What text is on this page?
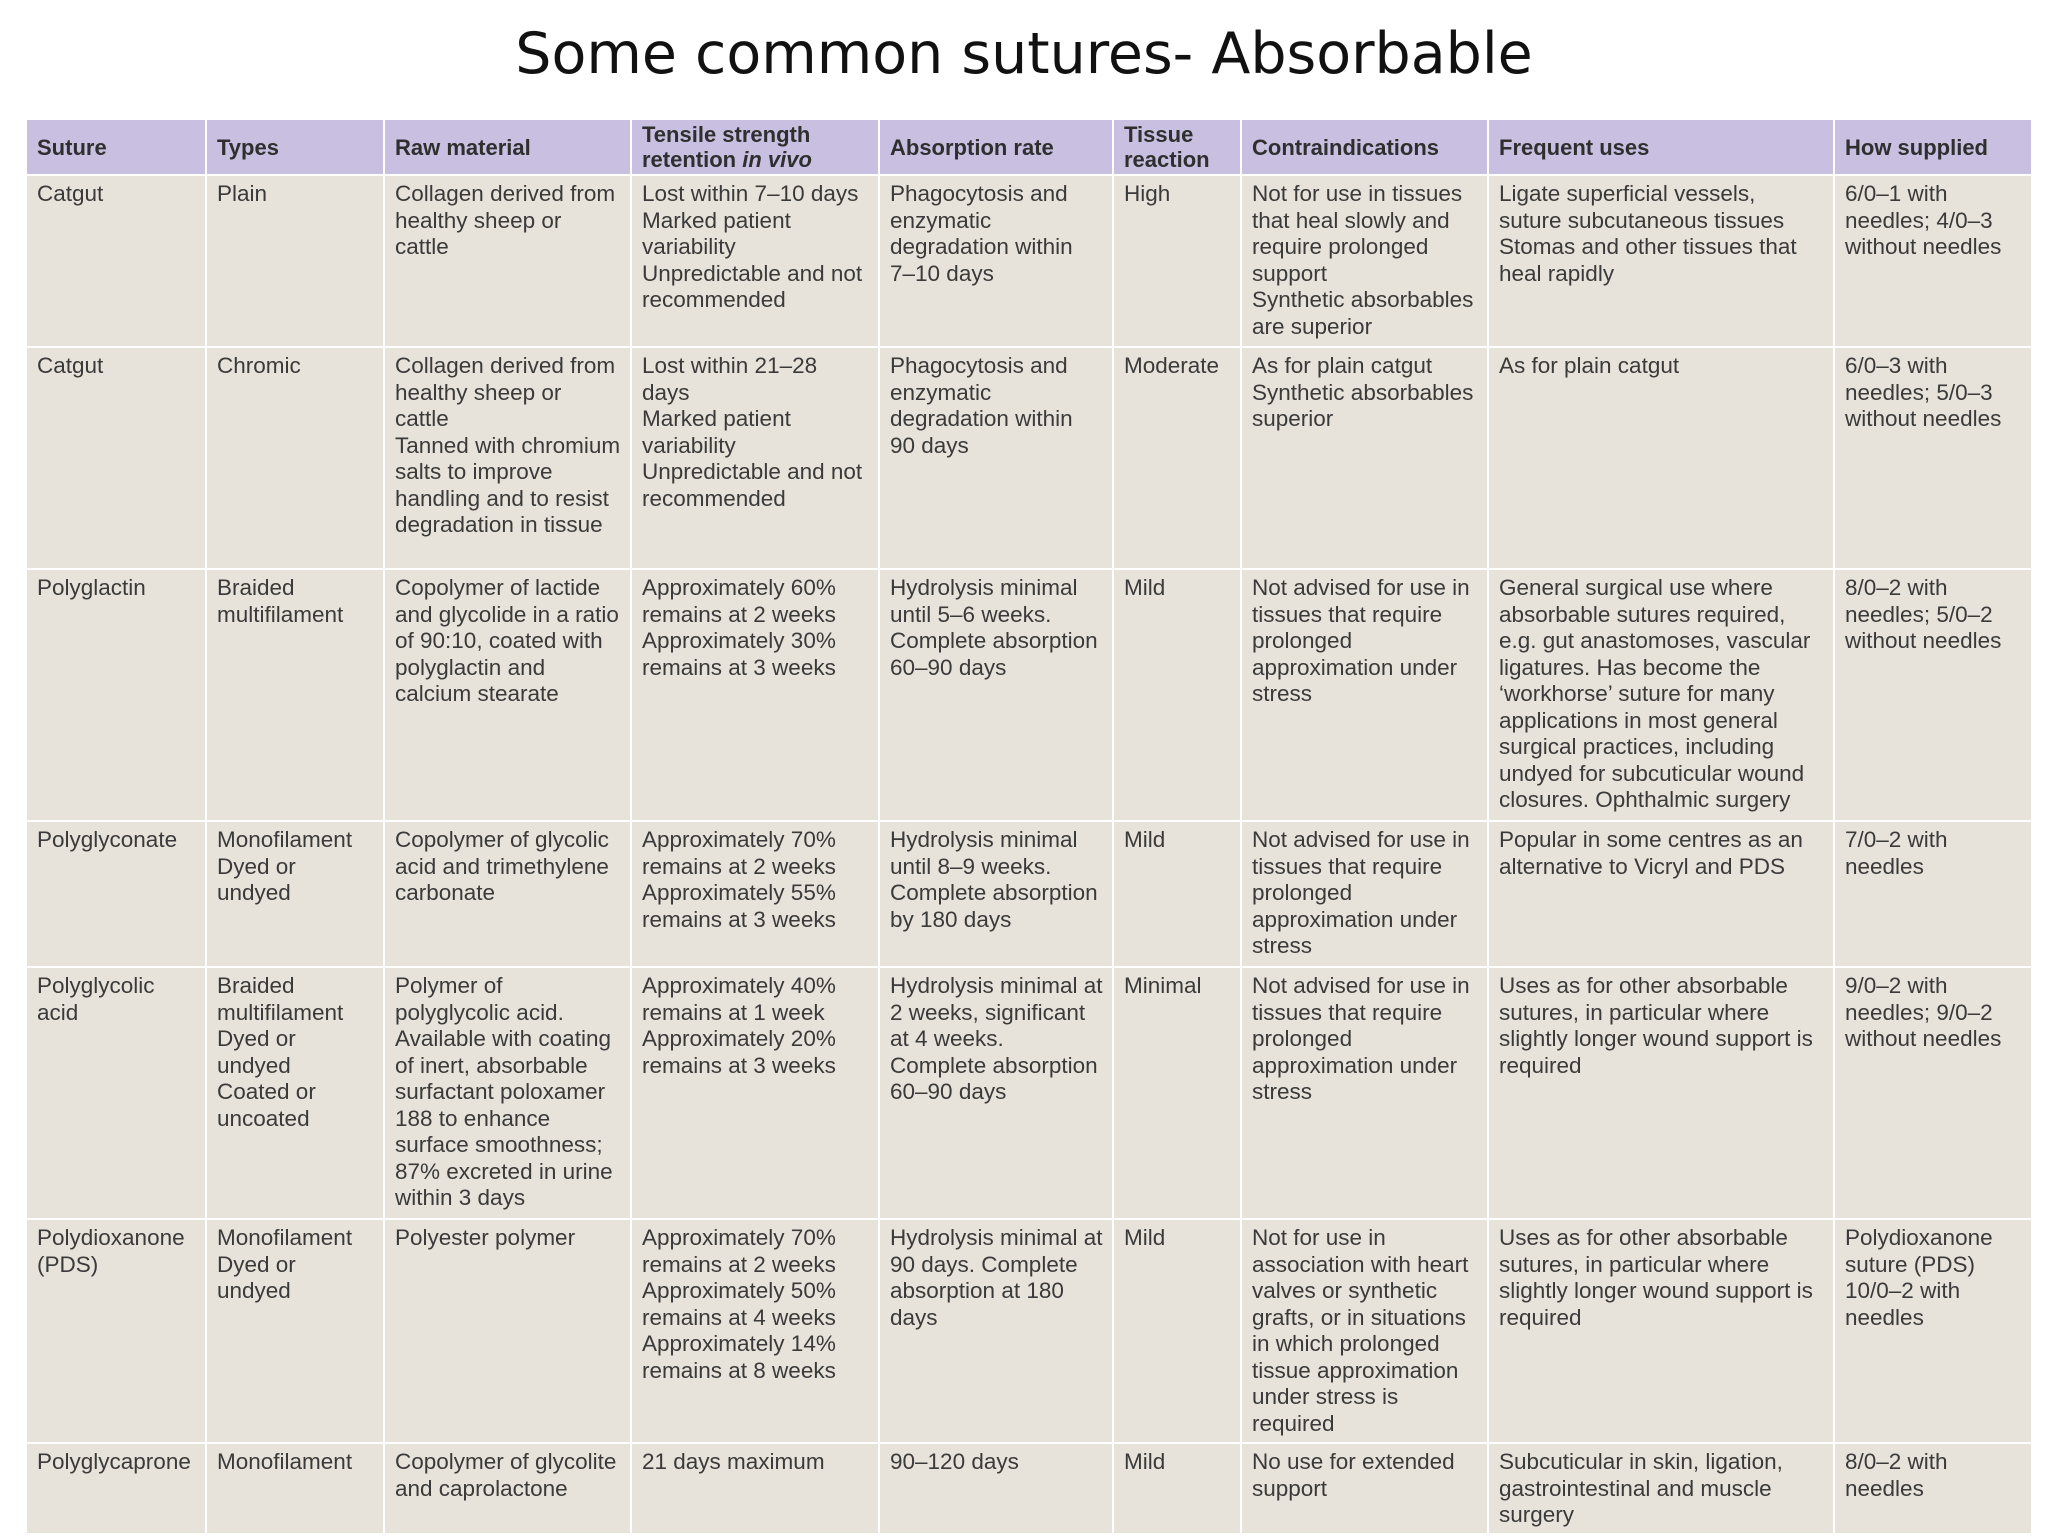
Some common sutures- Absorbable
Suture	Types	Raw material	Tensile strength retention in vivo	Absorption rate	Tissue reaction	Contraindications	Frequent uses	How supplied
Catgut	Plain	Collagen derived from healthy sheep or cattle	Lost within 7–10 days
Marked patient variability
Unpredictable and not recommended	Phagocytosis and enzymatic degradation within 7–10 days	High	Not for use in tissues that heal slowly and require prolonged support
Synthetic absorbables are superior	Ligate superficial vessels, suture subcutaneous tissues
Stomas and other tissues that heal rapidly	6/0–1 with needles; 4/0–3 without needles

Catgut	Chromic	Collagen derived from healthy sheep or cattle
Tanned with chromium salts to improve handling and to resist degradation in tissue	Lost within 21–28 days
Marked patient variability
Unpredictable and not recommended	Phagocytosis and enzymatic degradation within 90 days	Moderate	As for plain catgut
Synthetic absorbables superior	As for plain catgut	6/0–3 with needles; 5/0–3 without needles

Polyglactin	Braided multifilament	Copolymer of lactide and glycolide in a ratio of 90:10, coated with polyglactin and calcium stearate	Approximately 60% remains at 2 weeks
Approximately 30% remains at 3 weeks	Hydrolysis minimal until 5–6 weeks. Complete absorption 60–90 days	Mild	Not advised for use in tissues that require prolonged approximation under stress	General surgical use where absorbable sutures required, e.g. gut anastomoses, vascular ligatures. Has become the ‘workhorse’ suture for many applications in most general surgical practices, including undyed for subcuticular wound closures. Ophthalmic surgery	8/0–2 with needles; 5/0–2 without needles

Polyglyconate	Monofilament
Dyed or undyed	Copolymer of glycolic acid and trimethylene carbonate	Approximately 70% remains at 2 weeks
Approximately 55% remains at 3 weeks	Hydrolysis minimal until 8–9 weeks. Complete absorption by 180 days	Mild	Not advised for use in tissues that require prolonged approximation under stress	Popular in some centres as an alternative to Vicryl and PDS	7/0–2 with needles

Polyglycolic acid	Braided multifilament
Dyed or undyed
Coated or uncoated	Polymer of polyglycolic acid. Available with coating of inert, absorbable surfactant poloxamer 188 to enhance surface smoothness; 87% excreted in urine within 3 days	Approximately 40% remains at 1 week
Approximately 20% remains at 3 weeks	Hydrolysis minimal at 2 weeks, significant at 4 weeks. Complete absorption 60–90 days	Minimal	Not advised for use in tissues that require prolonged approximation under stress	Uses as for other absorbable sutures, in particular where slightly longer wound support is required	9/0–2 with needles; 9/0–2 without needles

Polydioxanone (PDS)	Monofilament
Dyed or undyed	Polyester polymer	Approximately 70% remains at 2 weeks
Approximately 50% remains at 4 weeks
Approximately 14% remains at 8 weeks	Hydrolysis minimal at 90 days. Complete absorption at 180 days	Mild	Not for use in association with heart valves or synthetic grafts, or in situations in which prolonged tissue approximation under stress is required	Uses as for other absorbable sutures, in particular where slightly longer wound support is required	Polydioxanone suture (PDS) 10/0–2 with needles

Polyglycaprone	Monofilament	Copolymer of glycolite and caprolactone	21 days maximum	90–120 days	Mild	No use for extended support	Subcuticular in skin, ligation, gastrointestinal and muscle surgery	8/0–2 with needles
